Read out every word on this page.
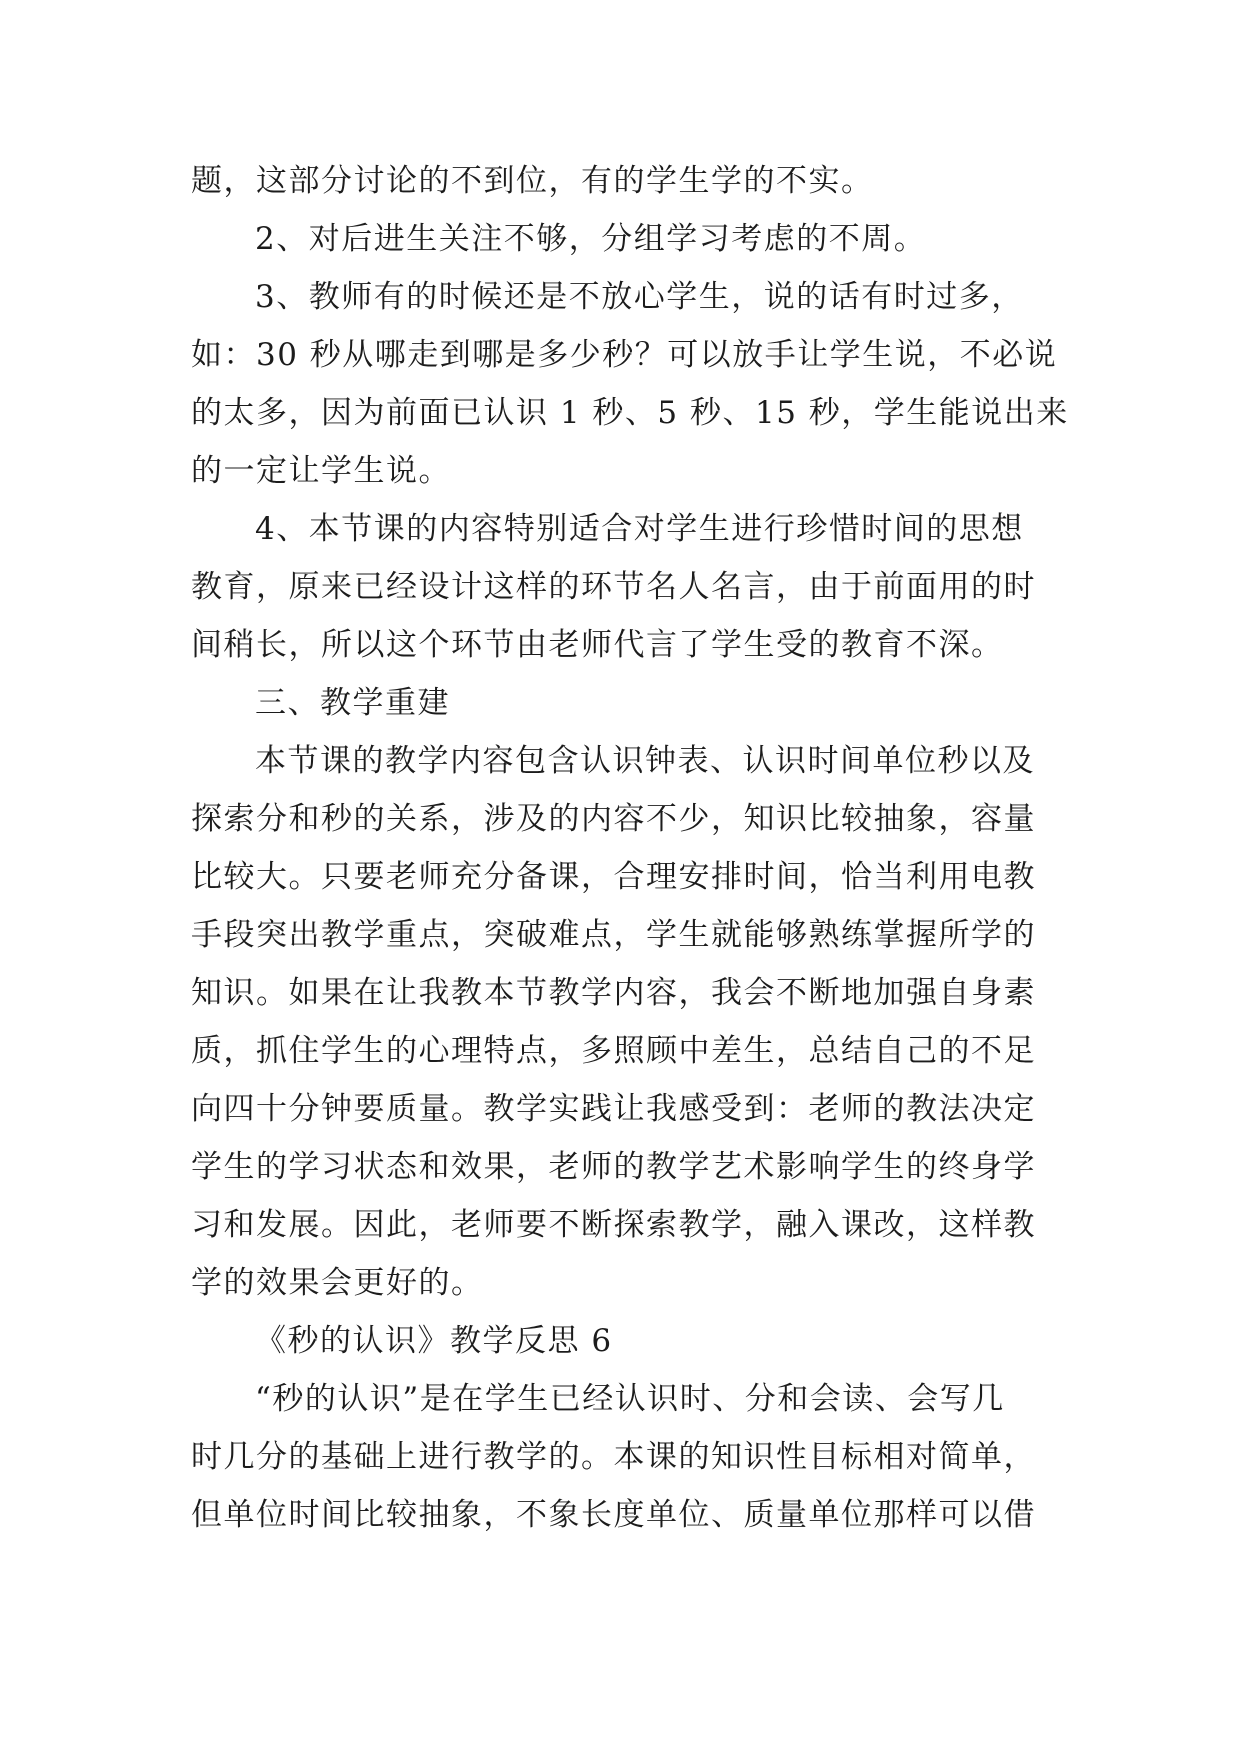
题，这部分讨论的不到位，有的学生学的不实。
2、对后进生关注不够，分组学习考虑的不周。
3、教师有的时候还是不放心学生，说的话有时过多，
如：30 秒从哪走到哪是多少秒？可以放手让学生说，不必说
的太多，因为前面已认识 1 秒、5 秒、15 秒，学生能说出来
的一定让学生说。
4、本节课的内容特别适合对学生进行珍惜时间的思想
教育，原来已经设计这样的环节名人名言，由于前面用的时
间稍长，所以这个环节由老师代言了学生受的教育不深。
三、教学重建
本节课的教学内容包含认识钟表、认识时间单位秒以及
探索分和秒的关系，涉及的内容不少，知识比较抽象，容量
比较大。只要老师充分备课，合理安排时间，恰当利用电教
手段突出教学重点，突破难点，学生就能够熟练掌握所学的
知识。如果在让我教本节教学内容，我会不断地加强自身素
质，抓住学生的心理特点，多照顾中差生，总结自己的不足
向四十分钟要质量。教学实践让我感受到：老师的教法决定
学生的学习状态和效果，老师的教学艺术影响学生的终身学
习和发展。因此，老师要不断探索教学，融入课改，这样教
学的效果会更好的。
《秒的认识》教学反思 6
“秒的认识”是在学生已经认识时、分和会读、会写几
时几分的基础上进行教学的。本课的知识性目标相对简单，
但单位时间比较抽象，不象长度单位、质量单位那样可以借
